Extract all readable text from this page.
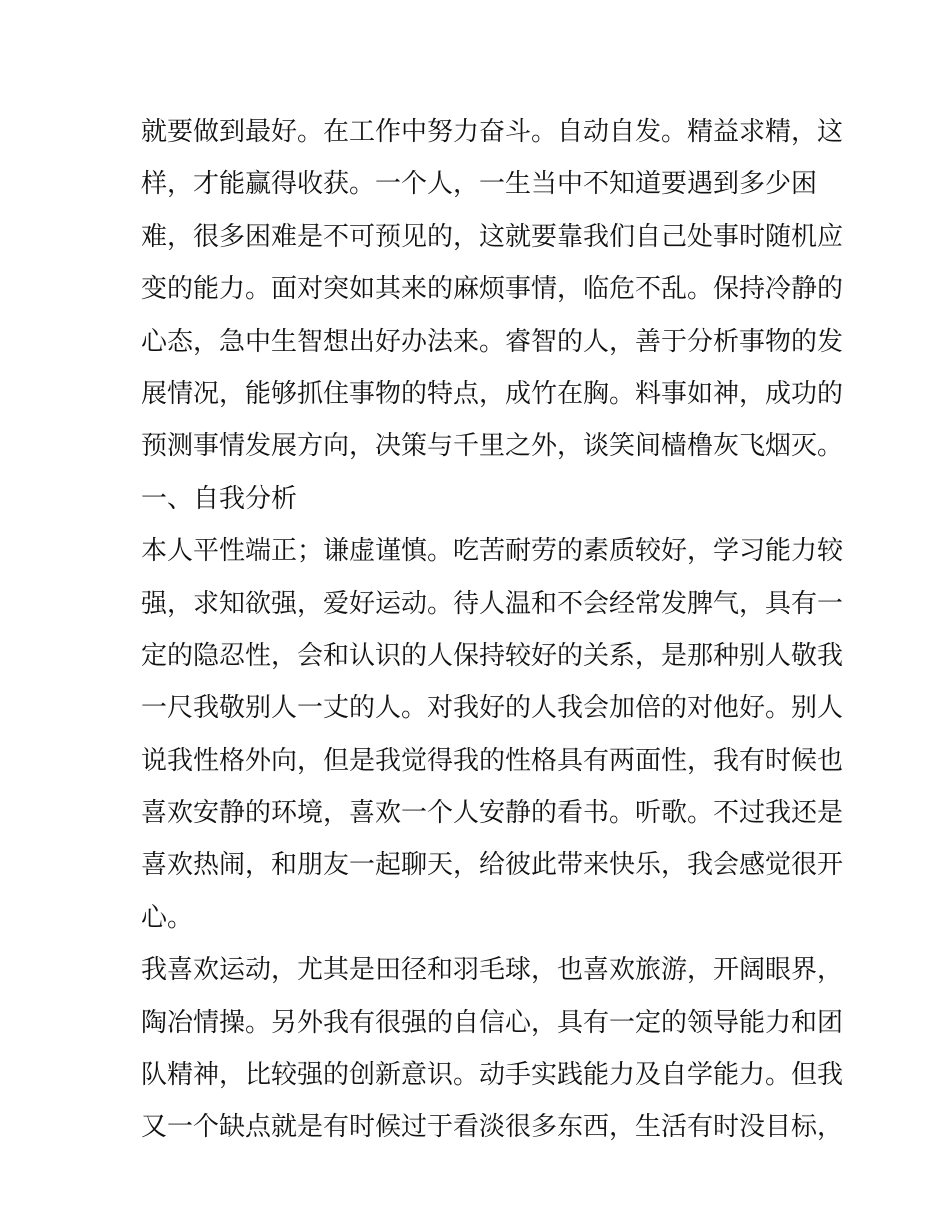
就要做到最好。在工作中努力奋斗。自动自发。精益求精，这
样，才能赢得收获。一个人，一生当中不知道要遇到多少困
难，很多困难是不可预见的，这就要靠我们自己处事时随机应
变的能力。面对突如其来的麻烦事情，临危不乱。保持冷静的
心态，急中生智想出好办法来。睿智的人，善于分析事物的发
展情况，能够抓住事物的特点，成竹在胸。料事如神，成功的
预测事情发展方向，决策与千里之外，谈笑间樯橹灰飞烟灭。
一、自我分析
本人平性端正；谦虚谨慎。吃苦耐劳的素质较好，学习能力较
强，求知欲强，爱好运动。待人温和不会经常发脾气，具有一
定的隐忍性，会和认识的人保持较好的关系，是那种别人敬我
一尺我敬别人一丈的人。对我好的人我会加倍的对他好。别人
说我性格外向，但是我觉得我的性格具有两面性，我有时候也
喜欢安静的环境，喜欢一个人安静的看书。听歌。不过我还是
喜欢热闹，和朋友一起聊天，给彼此带来快乐，我会感觉很开
心。
我喜欢运动，尤其是田径和羽毛球，也喜欢旅游，开阔眼界，
陶冶情操。另外我有很强的自信心，具有一定的领导能力和团
队精神，比较强的创新意识。动手实践能力及自学能力。但我
又一个缺点就是有时候过于看淡很多东西，生活有时没目标，
